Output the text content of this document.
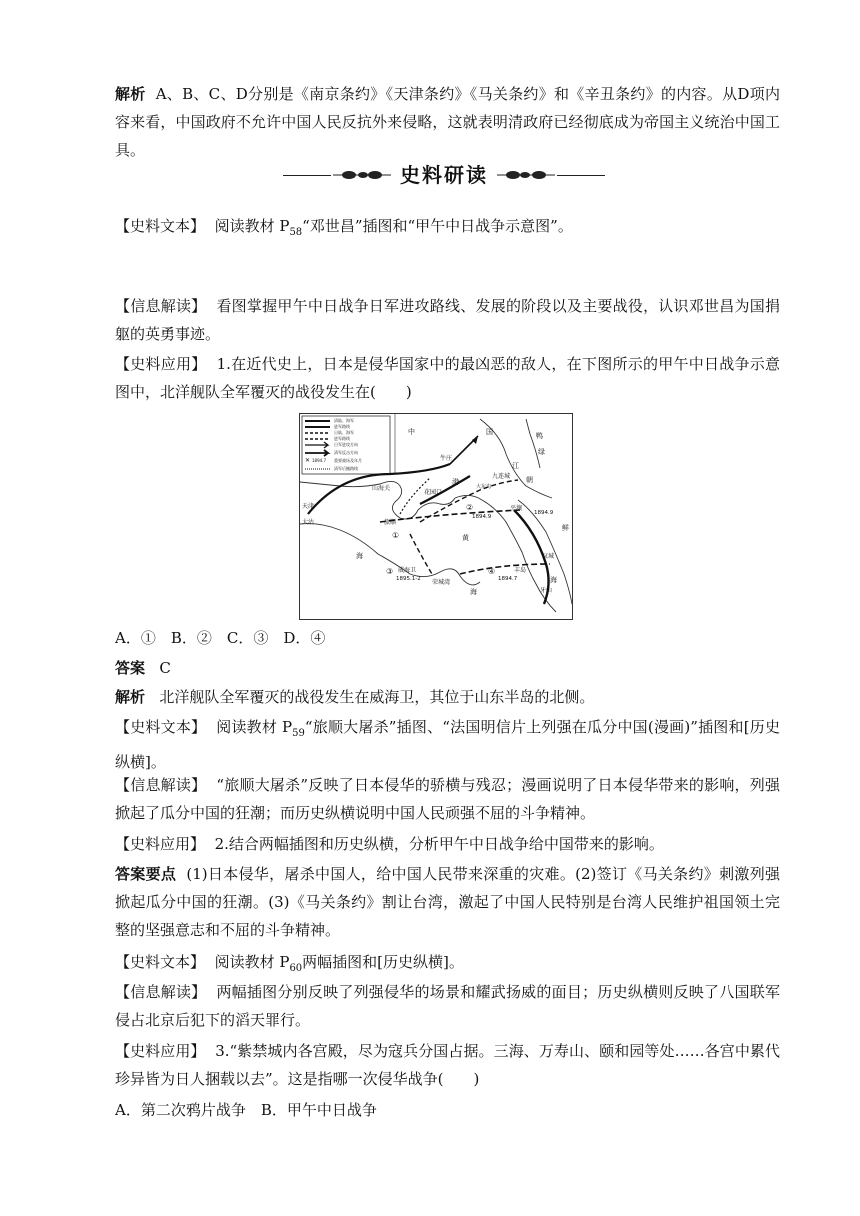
解析 A、B、C、D分别是《南京条约》《天津条约》《马关条约》和《辛丑条约》的内容。从D项内容来看，中国政府不允许中国人民反抗外来侵略，这就表明清政府已经彻底成为帝国主义统治中国工具。

史料研读

【史料文本】 阅读教材 $P_{58}“$邓世昌”插图和“甲午中日战争示意图”。

【信息解读】 看图掌握甲午中日战争日军进攻路线、发展的阶段以及主要战役，认识邓世昌为国捐躯的英勇事迹。

【史料应用】 1.在近代史上，日本是侵华国家中的最凶恶的敌人，在下图所示的甲午中日战争示意图中，北洋舰队全军覆灭的战役发生在(　　)

清陆、海军
进军路线
日陆、海军
进军路线
日军进攻方向
清军反击方向
✕ 1894.7 重要战场及年月
清军后撤路线
中	国	鸭
绿
江
朝
鲜
渤
海
黄
海
海
牛庄
九连城
山海关
天津
大沽	旅顺
花园口
大东沟
平壤
汉城
威海卫
荣城湾
丰岛
牙山
1894.9
1894.9
1895.1-2	1894.7
①
②
③	④

A．①　B．②　C．③　D．④

答案 C

解析 北洋舰队全军覆灭的战役发生在威海卫，其位于山东半岛的北侧。

【史料文本】 阅读教材 $P_{59}“$旅顺大屠杀”插图、“法国明信片上列强在瓜分中国(漫画)”插图和[历史纵横]。

【信息解读】 “旅顺大屠杀”反映了日本侵华的骄横与残忍；漫画说明了日本侵华带来的影响，列强掀起了瓜分中国的狂潮；而历史纵横说明中国人民顽强不屈的斗争精神。

【史料应用】 2.结合两幅插图和历史纵横，分析甲午中日战争给中国带来的影响。

答案要点 (1)日本侵华，屠杀中国人，给中国人民带来深重的灾难。(2)签订《马关条约》刺激列强掀起瓜分中国的狂潮。(3)《马关条约》割让台湾，激起了中国人民特别是台湾人民维护祖国领土完整的坚强意志和不屈的斗争精神。

【史料文本】 阅读教材 $P_{60}$两幅插图和[历史纵横]。

【信息解读】 两幅插图分别反映了列强侵华的场景和耀武扬威的面目；历史纵横则反映了八国联军侵占北京后犯下的滔天罪行。

【史料应用】 3.“紫禁城内各宫殿，尽为寇兵分国占据。三海、万寿山、颐和园等处……各宫中累代珍异皆为日人捆载以去”。这是指哪一次侵华战争(　　)

A．第二次鸦片战争　B．甲午中日战争
